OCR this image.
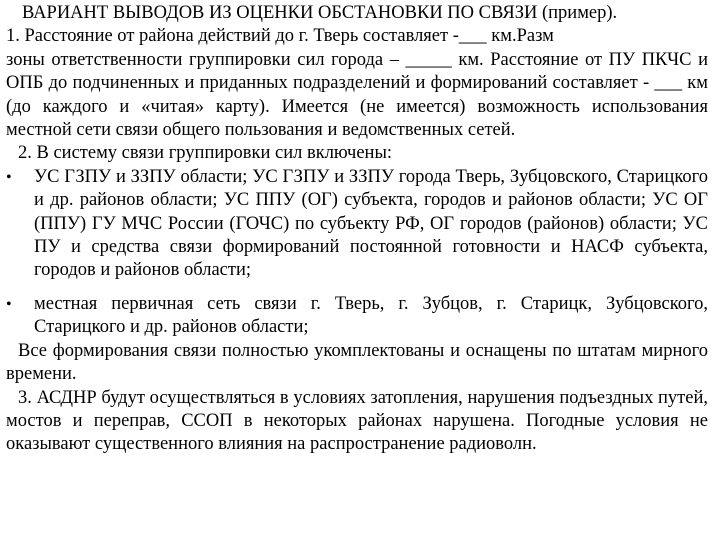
ВАРИАНТ ВЫВОДОВ ИЗ ОЦЕНКИ ОБСТАНОВКИ ПО СВЯЗИ (пример).
1. Расстояние от района действий до г. Тверь составляет -___ км.Разм
зоны ответственности группировки сил города – _____ км. Расстояние от ПУ ПКЧС и ОПБ до подчиненных и приданных подразделений и формирований составляет - ___ км (до каждого и «читая» карту). Имеется (не имеется) возможность использования местной сети связи общего пользования и ведомственных сетей.
2. В систему связи группировки сил включены:
• УС ГЗПУ и ЗЗПУ области; УС ГЗПУ и ЗЗПУ города Тверь, Зубцовского, Старицкого и др. районов области; УС ППУ (ОГ) субъекта, городов и районов области; УС ОГ (ППУ) ГУ МЧС России (ГОЧС) по субъекту РФ, ОГ городов (районов) области; УС ПУ и средства связи формирований постоянной готовности и НАСФ субъекта, городов и районов области;
• местная первичная сеть связи г. Тверь, г. Зубцов, г. Старицк, Зубцовского, Старицкого и др. районов области;
Все формирования связи полностью укомплектованы и оснащены по штатам мирного времени.
3. АСДНР будут осуществляться в условиях затопления, нарушения подъездных путей, мостов и переправ, ССОП в некоторых районах нарушена. Погодные условия не оказывают существенного влияния на распространение радиоволн.
